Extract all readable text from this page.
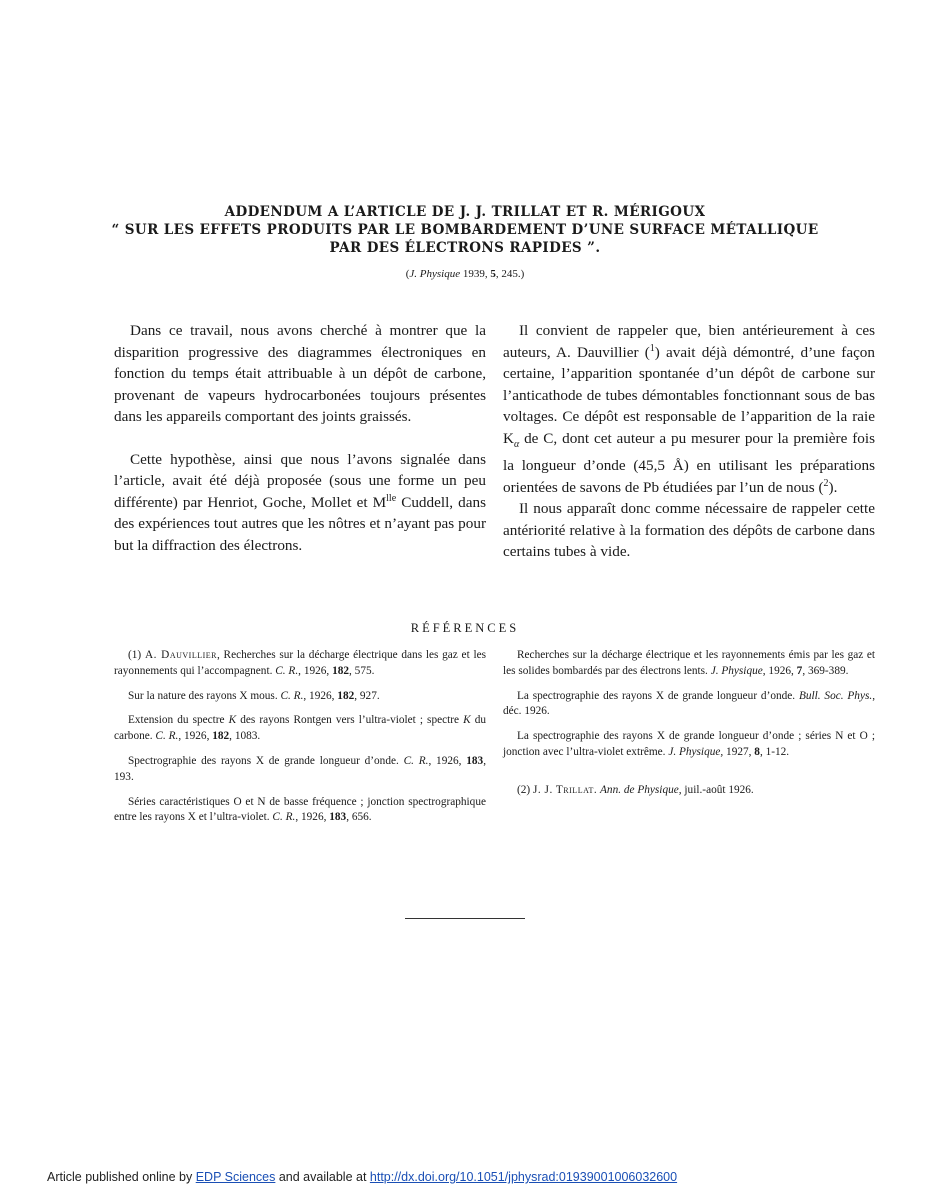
ADDENDUM A L’ARTICLE DE J. J. TRILLAT ET R. MÉRIGOUX
“ SUR LES EFFETS PRODUITS PAR LE BOMBARDEMENT D’UNE SURFACE MÉTALLIQUE
PAR DES ÉLECTRONS RAPIDES ”.
(J. Physique 1939, 5, 245.)

Dans ce travail, nous avons cherché à montrer que la disparition progressive des diagrammes électroniques en fonction du temps était attribuable à un dépôt de carbone, provenant de vapeurs hydrocarbonées toujours présentes dans les appareils comportant des joints graissés.

Cette hypothèse, ainsi que nous l’avons signalée dans l’article, avait été déjà proposée (sous une forme un peu différente) par Henriot, Goche, Mollet et $M^{lle}$ Cuddell, dans des expériences tout autres que les nôtres et n’ayant pas pour but la diffraction des électrons.

Il convient de rappeler que, bien antérieurement à ces auteurs, A. Dauvillier ($^1$) avait déjà démontré, d’une façon certaine, l’apparition spontanée d’un dépôt de carbone sur l’anticathode de tubes démontables fonctionnant sous de bas voltages. Ce dépôt est responsable de l’apparition de la raie $K_\alpha$ de C, dont cet auteur a pu mesurer pour la première fois la longueur d’onde (45,5 Å) en utilisant les préparations orientées de savons de Pb étudiées par l’un de nous ($^2$).

Il nous apparaît donc comme nécessaire de rappeler cette antériorité relative à la formation des dépôts de carbone dans certains tubes à vide.

RÉFÉRENCES

(1) A. Dauvillier, Recherches sur la décharge électrique dans les gaz et les rayonnements qui l’accompagnent. C. R., 1926, 182, 575.

Sur la nature des rayons X mous. C. R., 1926, 182, 927.

Extension du spectre K des rayons Rontgen vers l’ultra-violet ; spectre K du carbone. C. R., 1926, 182, 1083.

Spectrographie des rayons X de grande longueur d’onde. C. R., 1926, 183, 193.

Séries caractéristiques O et N de basse fréquence ; jonction spectrographique entre les rayons X et l’ultra-violet. C. R., 1926, 183, 656.

Recherches sur la décharge électrique et les rayonnements émis par les gaz et les solides bombardés par des électrons lents. J. Physique, 1926, 7, 369-389.

La spectrographie des rayons X de grande longueur d’onde. Bull. Soc. Phys., déc. 1926.

La spectrographie des rayons X de grande longueur d’onde ; séries N et O ; jonction avec l’ultra-violet extrême. J. Physique, 1927, 8, 1-12.

(2) J. J. Trillat. Ann. de Physique, juil.-août 1926.

Article published online by EDP Sciences and available at http://dx.doi.org/10.1051/jphysrad:01939001006032600
